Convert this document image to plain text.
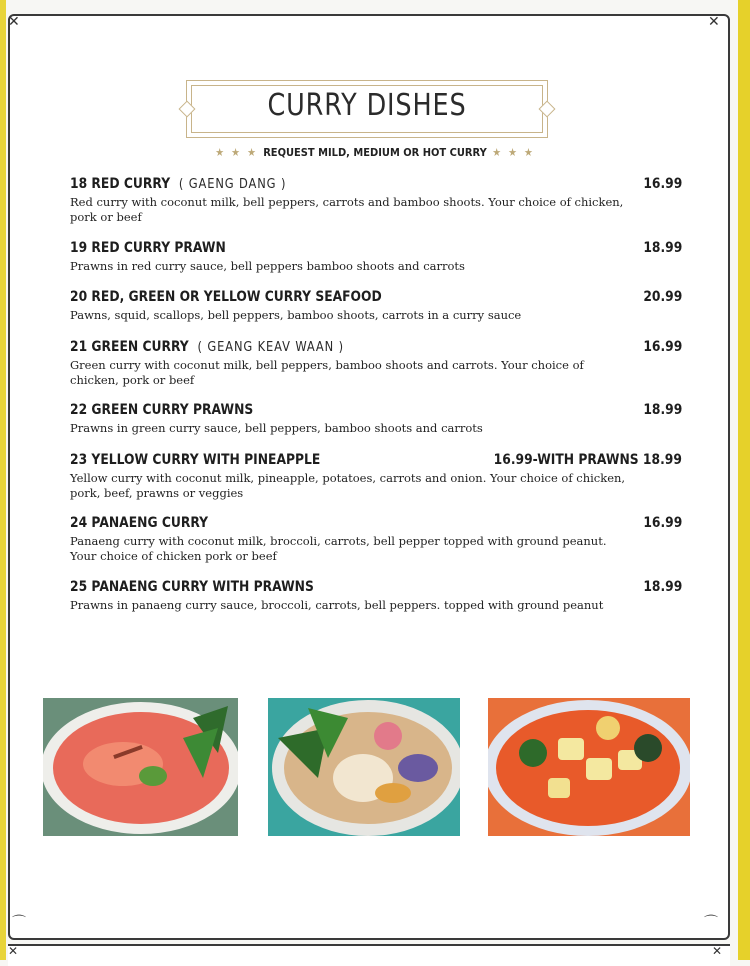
✕	✕
⌒	⌒
✕	✕
CURRY DISHES
★ ★ ★ REQUEST MILD, MEDIUM OR HOT CURRY ★ ★ ★
18 RED CURRY ( GAENG DANG )	16.99
Red curry with coconut milk, bell peppers, carrots and bamboo shoots. Your choice of chicken, pork or beef
19 RED CURRY PRAWN	18.99
Prawns in red curry sauce, bell peppers bamboo shoots and carrots
20 RED, GREEN OR YELLOW CURRY SEAFOOD	20.99
Pawns, squid, scallops, bell peppers, bamboo shoots, carrots in a curry sauce
21 GREEN CURRY ( GEANG KEAV WAAN )	16.99
Green curry with coconut milk, bell peppers, bamboo shoots and carrots. Your choice of chicken, pork or beef
22 GREEN CURRY PRAWNS	18.99
Prawns in green curry sauce, bell peppers, bamboo shoots and carrots
23 YELLOW CURRY WITH PINEAPPLE	16.99-WITH PRAWNS 18.99
Yellow curry with coconut milk, pineapple, potatoes, carrots and onion. Your choice of chicken, pork, beef, prawns or veggies
24 PANAENG CURRY	16.99
Panaeng curry with coconut milk, broccoli, carrots, bell pepper topped with ground peanut. Your choice of chicken pork or beef
25 PANAENG CURRY WITH PRAWNS	18.99
Prawns in panaeng curry sauce, broccoli, carrots, bell peppers. topped with ground peanut
